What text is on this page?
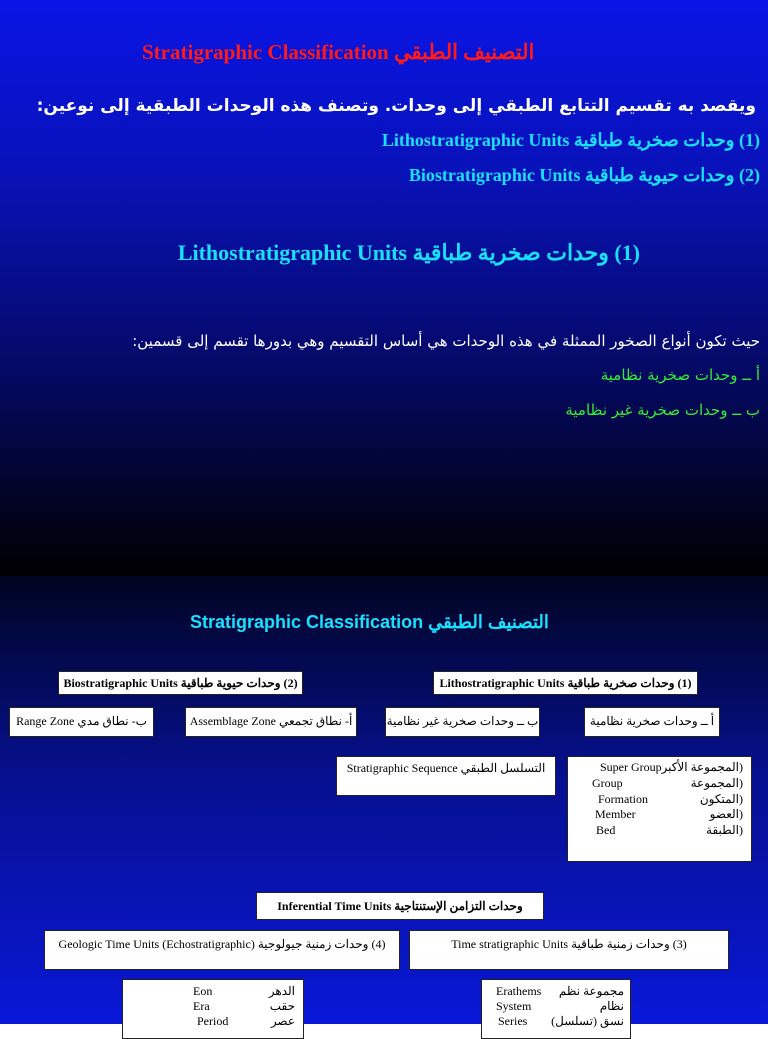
Stratigraphic Classification التصنيف الطبقي
ويقصد به تقسيم التتابع الطبقي إلى وحدات. وتصنف هذه الوحدات الطبقية إلى نوعين:
(1) وحدات صخرية طباقية Lithostratigraphic Units
(2) وحدات حيوية طباقية Biostratigraphic Units
(1) وحدات صخرية طباقية Lithostratigraphic Units
حيث تكون أنواع الصخور الممثلة في هذه الوحدات هي أساس التقسيم وهي بدورها تقسم إلى قسمين:
أ ــ وحدات صخرية نظامية
ب ــ وحدات صخرية غير نظامية
Stratigraphic Classification التصنيف الطبقي
(2) وحدات حيوية طباقية Biostratigraphic Units	(1) وحدات صخرية طباقية Lithostratigraphic Units
ب- نطاق مدي Range Zone	أ- نطاق تجمعي Assemblage Zone	ب ــ وحدات صخرية غير نظامية	أ ــ وحدات صخرية نظامية
التسلسل الطبقي Stratigraphic Sequence	Super Group (المجموعة الأكبر
Group	(المجموعة
Formation	(المتكون
Member	(العضو
Bed	(الطبقة
وحدات التزامن الإستنتاجية Inferential Time Units
(4) وحدات زمنية جيولوجية Geologic Time Units (Echostratigraphic)	(3) وحدات زمنية طباقية Time stratigraphic Units
Eon	الدهر
Era	حقب
Period	عصر
Erathems مجموعة نظم
System	نظام
Series نسق (تسلسل)
